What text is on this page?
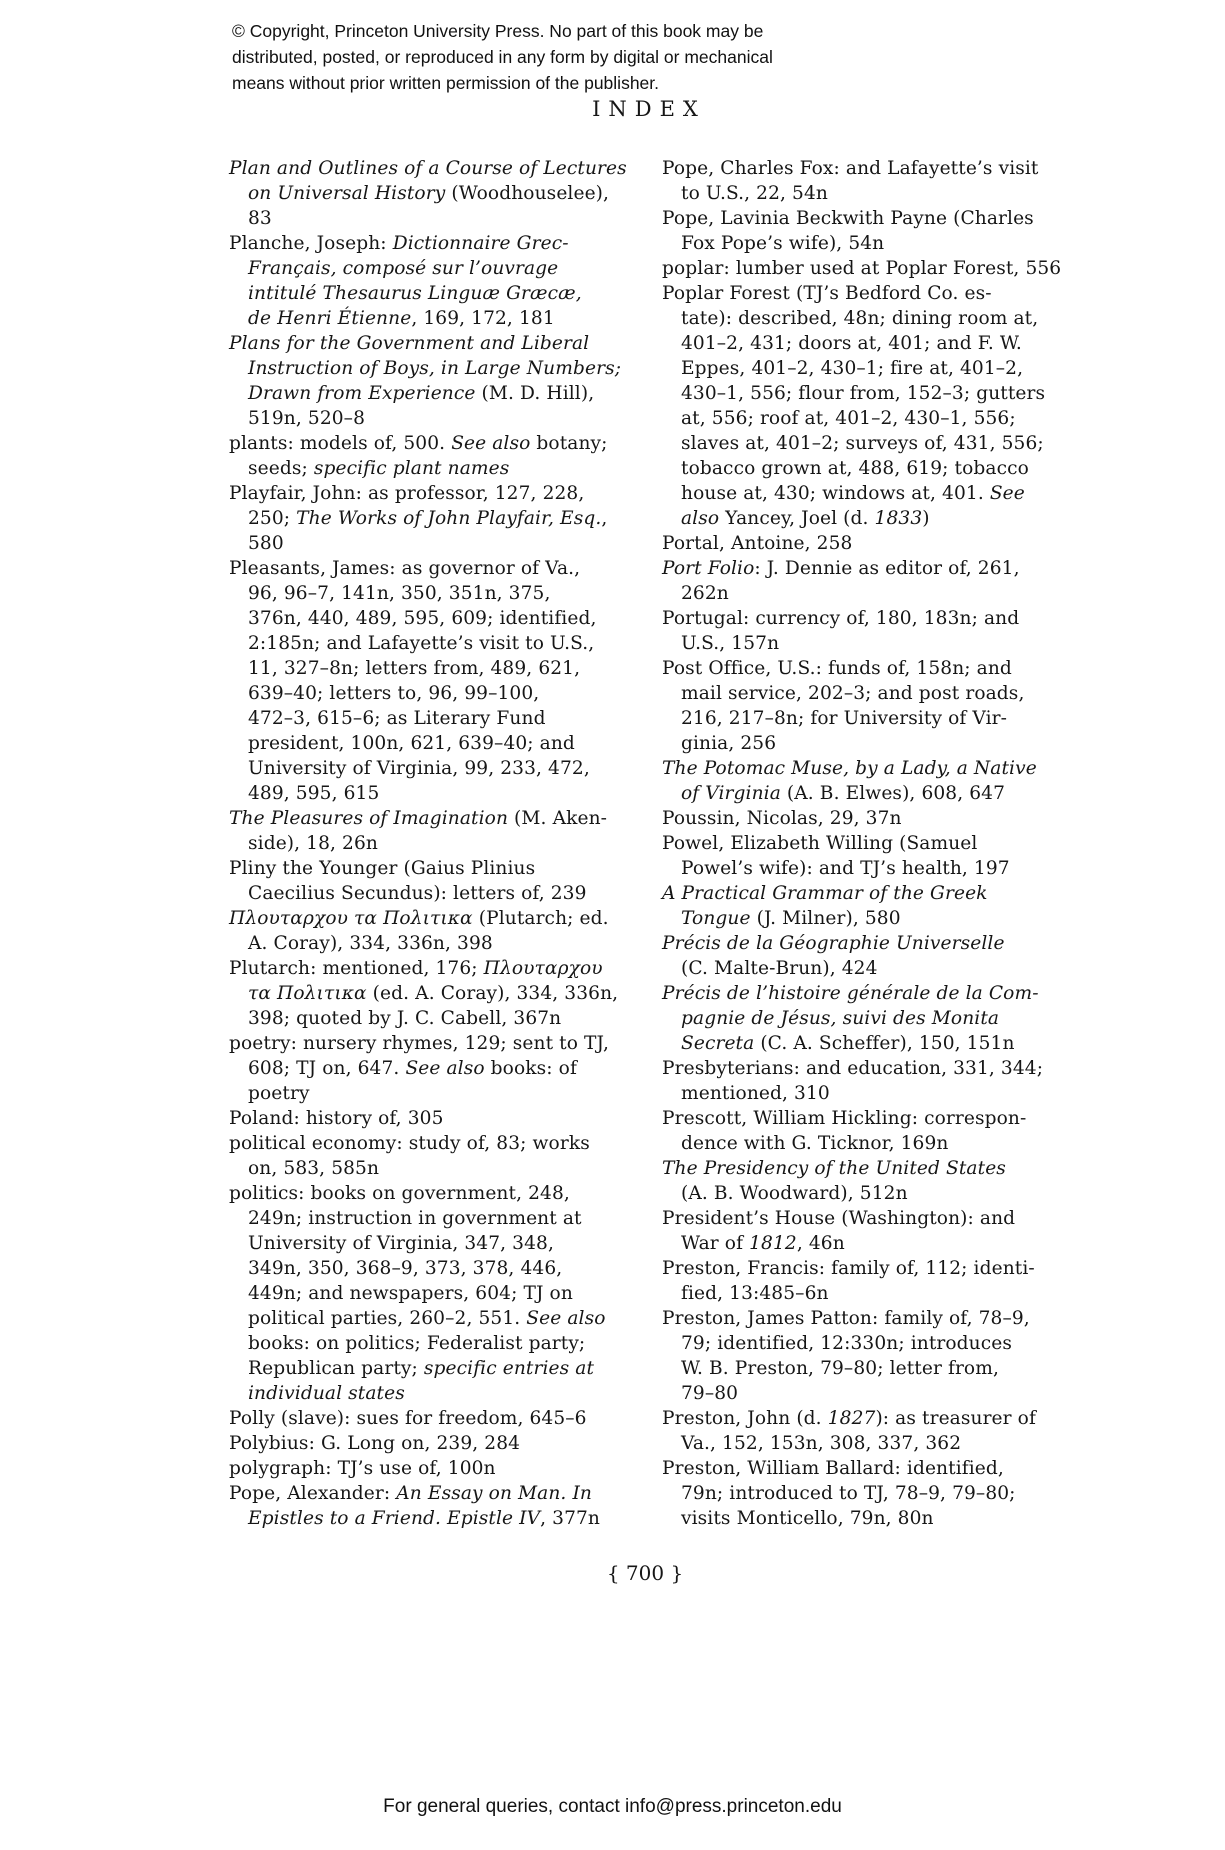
© Copyright, Princeton University Press. No part of this book may be
distributed, posted, or reproduced in any form by digital or mechanical
means without prior written permission of the publisher.
INDEX
Plan and Outlines of a Course of Lectures
on Universal History (Woodhouselee),
83
Planche, Joseph: Dictionnaire Grec-
Français, composé sur l’ouvrage
intitulé Thesaurus Linguæ Græcæ,
de Henri Étienne, 169, 172, 181
Plans for the Government and Liberal
Instruction of Boys, in Large Numbers;
Drawn from Experience (M. D. Hill),
519n, 520–8
plants: models of, 500. See also botany;
seeds; specific plant names
Playfair, John: as professor, 127, 228,
250; The Works of John Playfair, Esq.,
580
Pleasants, James: as governor of Va.,
96, 96–7, 141n, 350, 351n, 375,
376n, 440, 489, 595, 609; identified,
2:185n; and Lafayette’s visit to U.S.,
11, 327–8n; letters from, 489, 621,
639–40; letters to, 96, 99–100,
472–3, 615–6; as Literary Fund
president, 100n, 621, 639–40; and
University of Virginia, 99, 233, 472,
489, 595, 615
The Pleasures of Imagination (M. Aken-
side), 18, 26n
Pliny the Younger (Gaius Plinius
Caecilius Secundus): letters of, 239
Πλουταρχου τα Πολιτικα (Plutarch; ed.
A. Coray), 334, 336n, 398
Plutarch: mentioned, 176; Πλουταρχου
τα Πολιτικα (ed. A. Coray), 334, 336n,
398; quoted by J. C. Cabell, 367n
poetry: nursery rhymes, 129; sent to TJ,
608; TJ on, 647. See also books: of
poetry
Poland: history of, 305
political economy: study of, 83; works
on, 583, 585n
politics: books on government, 248,
249n; instruction in government at
University of Virginia, 347, 348,
349n, 350, 368–9, 373, 378, 446,
449n; and newspapers, 604; TJ on
political parties, 260–2, 551. See also
books: on politics; Federalist party;
Republican party; specific entries at
individual states
Polly (slave): sues for freedom, 645–6
Polybius: G. Long on, 239, 284
polygraph: TJ’s use of, 100n
Pope, Alexander: An Essay on Man. In
Epistles to a Friend. Epistle IV, 377n
Pope, Charles Fox: and Lafayette’s visit
to U.S., 22, 54n
Pope, Lavinia Beckwith Payne (Charles
Fox Pope’s wife), 54n
poplar: lumber used at Poplar Forest, 556
Poplar Forest (TJ’s Bedford Co. es-
tate): described, 48n; dining room at,
401–2, 431; doors at, 401; and F. W.
Eppes, 401–2, 430–1; fire at, 401–2,
430–1, 556; flour from, 152–3; gutters
at, 556; roof at, 401–2, 430–1, 556;
slaves at, 401–2; surveys of, 431, 556;
tobacco grown at, 488, 619; tobacco
house at, 430; windows at, 401. See
also Yancey, Joel (d. 1833)
Portal, Antoine, 258
Port Folio: J. Dennie as editor of, 261,
262n
Portugal: currency of, 180, 183n; and
U.S., 157n
Post Office, U.S.: funds of, 158n; and
mail service, 202–3; and post roads,
216, 217–8n; for University of Vir-
ginia, 256
The Potomac Muse, by a Lady, a Native
of Virginia (A. B. Elwes), 608, 647
Poussin, Nicolas, 29, 37n
Powel, Elizabeth Willing (Samuel
Powel’s wife): and TJ’s health, 197
A Practical Grammar of the Greek
Tongue (J. Milner), 580
Précis de la Géographie Universelle
(C. Malte-Brun), 424
Précis de l’histoire générale de la Com-
pagnie de Jésus, suivi des Monita
Secreta (C. A. Scheffer), 150, 151n
Presbyterians: and education, 331, 344;
mentioned, 310
Prescott, William Hickling: correspon-
dence with G. Ticknor, 169n
The Presidency of the United States
(A. B. Woodward), 512n
President’s House (Washington): and
War of 1812, 46n
Preston, Francis: family of, 112; identi-
fied, 13:485–6n
Preston, James Patton: family of, 78–9,
79; identified, 12:330n; introduces
W. B. Preston, 79–80; letter from,
79–80
Preston, John (d. 1827): as treasurer of
Va., 152, 153n, 308, 337, 362
Preston, William Ballard: identified,
79n; introduced to TJ, 78–9, 79–80;
visits Monticello, 79n, 80n
{ 700 }
For general queries, contact info@press.princeton.edu
